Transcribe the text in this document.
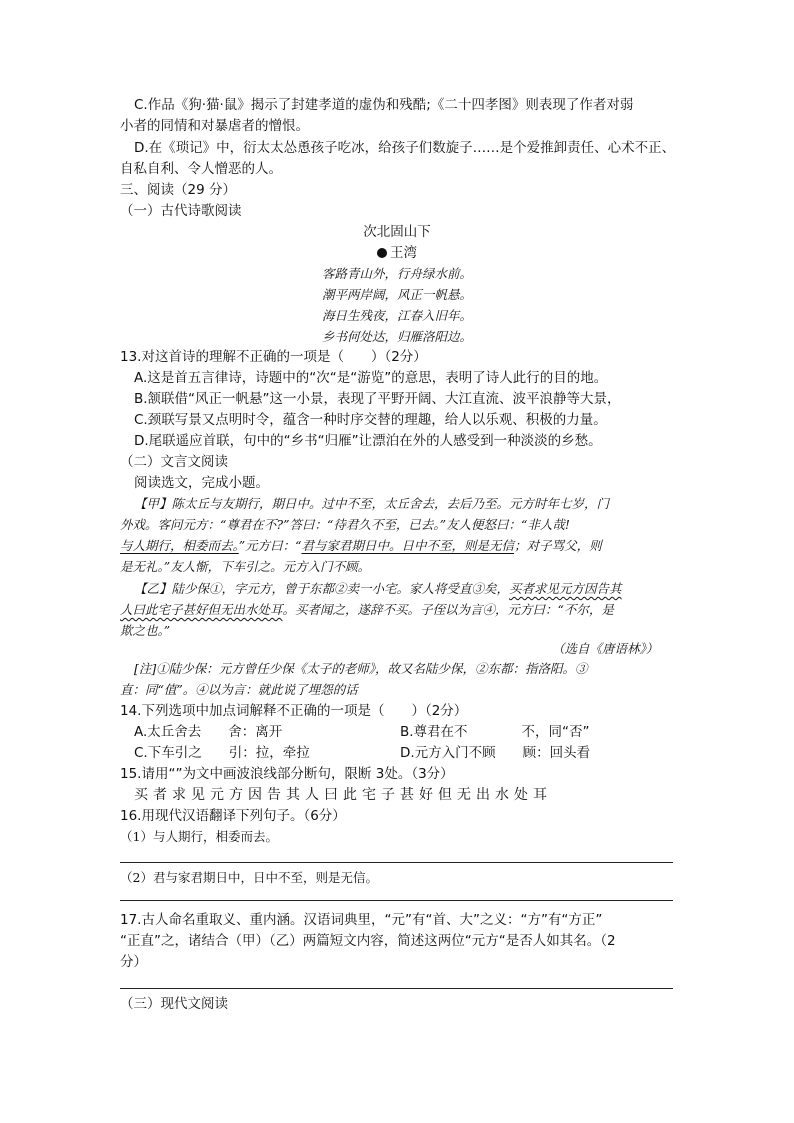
C.作品《狗·猫·鼠》揭示了封建孝道的虚伪和残酷;《二十四孝图》则表现了作者对弱
小者的同情和对暴虐者的憎恨。
D.在《琐记》中，衍太太怂恿孩子吃冰，给孩子们数旋子……是个爱推卸责任、心术不正、
自私自利、令人憎恶的人。
三、阅读（29 分）
（一）古代诗歌阅读
次北固山下
王湾
客路青山外，行舟绿水前。
潮平两岸阔，风正一帆悬。
海日生残夜，江春入旧年。
乡书何处达，归雁洛阳边。
13.对这首诗的理解不正确的一项是（　　）（2分）
A.这是首五言律诗，诗题中的“次“是“游览”的意思，表明了诗人此行的目的地。
B.颔联借“风正一帆悬”这一小景，表现了平野开阔、大江直流、波平浪静等大景，
C.颈联写景又点明时令，蕴含一种时序交替的理趣，给人以乐观、积极的力量。
D.尾联遥应首联，句中的“乡书“归雁”让漂泊在外的人感受到一种淡淡的乡愁。
（二）文言文阅读
阅读选文，完成小题。
【甲】陈太丘与友期行，期日中。过中不至，太丘舍去，去后乃至。元方时年七岁，门
外戏。客问元方：“尊君在不?”答曰：“待君久不至，已去。”友人便怒曰：“非人哉!
与人期行，相委而去。”元方曰：“君与家君期日中。日中不至，则是无信；对子骂父，则
是无礼。”友人惭，下车引之。元方入门不顾。
【乙】陆少保①，字元方，曾于东都②卖一小宅。家人将受直③矣，买者求见元方因告其
人曰此宅子甚好但无出水处耳。买者闻之，遂辞不买。子侄以为言④，元方曰：“不尔，是
欺之也。”
（选自《唐语林》）
[注]①陆少保：元方曾任少保《太子的老师》，故又名陆少保，②东都：指洛阳。③
直：同“值”。④以为言：就此说了埋怨的话
14.下列选项中加点词解释不正确的一项是（　　）（2分）
A.太丘舍去　　舍：离开	B.尊君在不　　　　不，同“否”
C.下车引之　　引：拉，牵拉	D.元方入门不顾　　顾：回头看
15.请用“”为文中画波浪线部分断句，限断 3处。（3分）
买者求见元方因告其人曰此宅子甚好但无出水处耳
16.用现代汉语翻译下列句子。（6分）
（1）与人期行，相委而去。
（2）君与家君期日中，日中不至，则是无信。
17.古人命名重取义、重内涵。汉语词典里，“元”有“首、大”之义：“方”有“方正”
“正直”之，诸结合（甲）（乙）两篇短文内容，简述这两位“元方“是否人如其名。（2
分）
（三）现代文阅读
